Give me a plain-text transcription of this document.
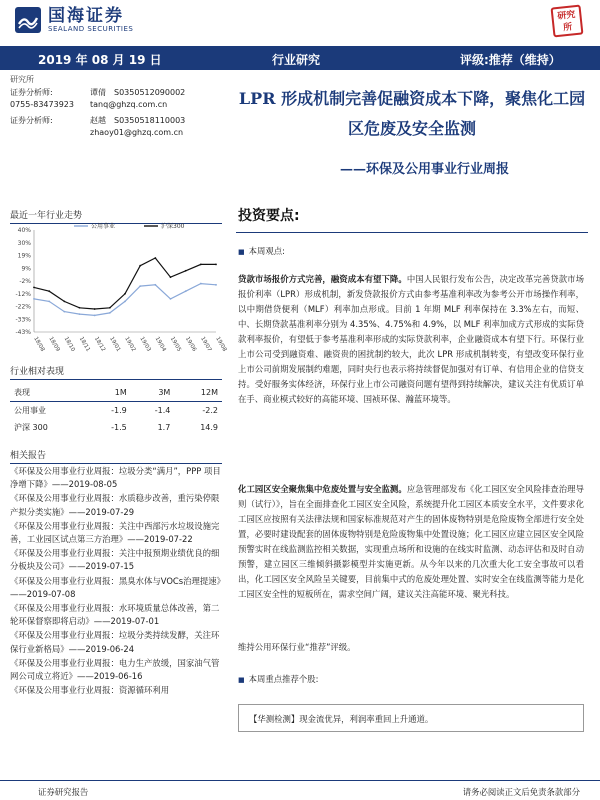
国海证券
SEALAND SECURITIES
研究所
2019 年 08 月 19 日	行业研究	评级:推荐（维持）
研究所
证券分析师:	谭倩 S0350512090002
0755-83473923 tanq@ghzq.com.cn
证券分析师:	赵越 S0350518110003
zhaoy01@ghzq.com.cn
最近一年行业走势
40%
30%
19%
9%
-2%
-12%
-22%
-33%
-43%
18/08 18/09 18/10 18/11 18/12 19/01 19/02 19/03 19/04 19/05 19/06 19/07 19/08
公用事业	沪深300
行业相对表现
表现	1M	3M	12M
公用事业	-1.9	-1.4	-2.2
沪深 300	-1.5	1.7	14.9
相关报告
《环保及公用事业行业周报：垃圾分类“满月”，PPP 项目净增下降》——2019-08-05
《环保及公用事业行业周报：水质稳步改善，重污染停限产拟分类实施》——2019-07-29
《环保及公用事业行业周报：关注中西部污水垃圾设施完善，工业园区试点第三方治理》——2019-07-22
《环保及公用事业行业周报：关注中报预期业绩优良的细分板块及公司》——2019-07-15
《环保及公用事业行业周报：黑臭水体与VOCs治理提速》——2019-07-08
《环保及公用事业行业周报：水环境质量总体改善，第二轮环保督察即将启动》——2019-07-01
《环保及公用事业行业周报：垃圾分类持续发酵，关注环保行业新格局》——2019-06-24
《环保及公用事业行业周报：电力生产放缓，国家油气管网公司成立将近》——2019-06-16
《环保及公用事业行业周报：资源循环利用
LPR 形成机制完善促融资成本下降，聚焦化工园
区危废及安全监测
——环保及公用事业行业周报
投资要点:
■ 本周观点:
贷款市场报价方式完善，融资成本有望下降。中国人民银行发布公告，决定改革完善贷款市场报价利率（LPR）形成机制，新发贷款报价方式由参考基准利率改为参考公开市场操作利率，以中期借贷便利（MLF）利率加点形成。目前 1 年期 MLF 利率保持在 3.3%左右，而短、中、长期贷款基准利率分别为 4.35%、4.75%和 4.9%，以 MLF 利率加成方式形成的实际贷款利率报价，有望低于参考基准利率形成的实际贷款利率，企业融资成本有望下行。环保行业上市公司受到融资难、融资贵的困扰制约较大，此次 LPR 形成机制转变，有望改变环保行业上市公司前期发展制约难题，同时央行也表示将持续督促加强对有订单、有信用企业的信贷支持。受好服务实体经济，环保行业上市公司融资问题有望得到持续解决，建议关注有优质订单在手、商业模式较好的高能环境、国祯环保、瀚蓝环境等。
化工园区安全聚焦集中危废处置与安全监测。应急管理部发布《化工园区安全风险排查治理导则（试行）》，旨在全面排查化工园区安全风险，系统提升化工园区本质安全水平，文件要求化工园区应按照有关法律法规和国家标准规范对产生的固体废物特别是危险废物全部进行安全处置，必要时建设配套的固体废物特别是危险废物集中处置设施；化工园区应建立园区安全风险预警实时在线监测监控相关数据，实现重点场所和设施的在线实时监测、动态评估和及时自动预警，建立园区三维倾斜摄影模型并实施更新。从今年以来的几次重大化工安全事故可以看出，化工园区安全风险呈关键要，目前集中式的危废处理处置、实时安全在线监测等能力是化工园区安全性的短板所在，需求空间广阔，建议关注高能环境、聚光科技。
维持公用环保行业“推荐”评级。
■ 本周重点推荐个股:
【华测检测】现金流优异，利润率重回上升通道。
证券研究报告	请务必阅读正文后免责条款部分
